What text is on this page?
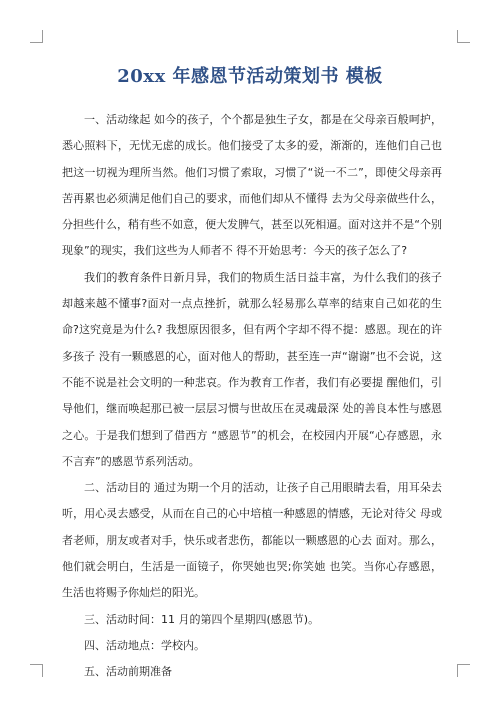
20xx 年感恩节活动策划书 模板

一、活动缘起 如今的孩子，个个都是独生子女，都是在父母亲百般呵护，悉心照料下，无忧无虑的成长。他们接受了太多的爱，渐渐的，连他们自己也把这一切视为理所当然。他们习惯了索取，习惯了“说一不二”，即使父母亲再苦再累也必须满足他们自己的要求，而他们却从不懂得 去为父母亲做些什么，分担些什么，稍有些不如意，便大发脾气，甚至以死相逼。面对这并不是“个别现象”的现实，我们这些为人师者不 得不开始思考：今天的孩子怎么了?

我们的教育条件日新月异，我们的物质生活日益丰富，为什么我们的孩子却越来越不懂事?面对一点点挫折，就那么轻易那么草率的结束自己如花的生命?这究竟是为什么? 我想原因很多，但有两个字却不得不提：感恩。现在的许多孩子 没有一颗感恩的心，面对他人的帮助，甚至连一声“谢谢”也不会说，这不能不说是社会文明的一种悲哀。作为教育工作者，我们有必要提 醒他们，引导他们，继而唤起那已被一层层习惯与世故压在灵魂最深 处的善良本性与感恩之心。于是我们想到了借西方 “感恩节”的机会，在校园内开展“心存感恩，永不言弃”的感恩节系列活动。

二、活动目的 通过为期一个月的活动，让孩子自己用眼睛去看，用耳朵去听，用心灵去感受，从而在自己的心中培植一种感恩的情感，无论对待父 母或者老师，朋友或者对手，快乐或者悲伤，都能以一颗感恩的心去 面对。那么，他们就会明白，生活是一面镜子，你哭她也哭;你笑她 也笑。当你心存感恩，生活也将赐予你灿烂的阳光。

三、活动时间：11 月的第四个星期四(感恩节)。

四、活动地点：学校内。

五、活动前期准备
